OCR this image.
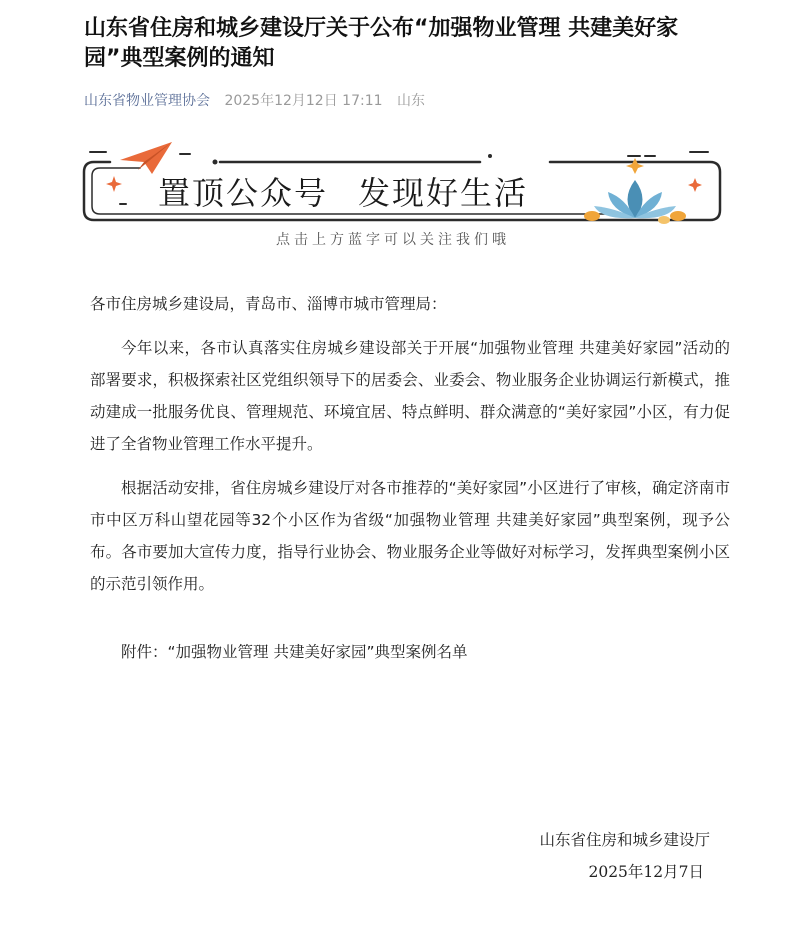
山东省住房和城乡建设厅关于公布“加强物业管理 共建美好家园”典型案例的通知
山东省物业管理协会 2025年12月12日 17:11 山东
置顶公众号 发现好生活
点击上方蓝字可以关注我们哦

各市住房城乡建设局，青岛市、淄博市城市管理局：

今年以来，各市认真落实住房城乡建设部关于开展“加强物业管理 共建美好家园”活动的部署要求，积极探索社区党组织领导下的居委会、业委会、物业服务企业协调运行新模式，推动建成一批服务优良、管理规范、环境宜居、特点鲜明、群众满意的“美好家园”小区，有力促进了全省物业管理工作水平提升。

根据活动安排，省住房城乡建设厅对各市推荐的“美好家园”小区进行了审核，确定济南市市中区万科山望花园等32个小区作为省级“加强物业管理 共建美好家园”典型案例，现予公布。各市要加大宣传力度，指导行业协会、物业服务企业等做好对标学习，发挥典型案例小区的示范引领作用。

附件：“加强物业管理 共建美好家园”典型案例名单

山东省住房和城乡建设厅
2025年12月7日
